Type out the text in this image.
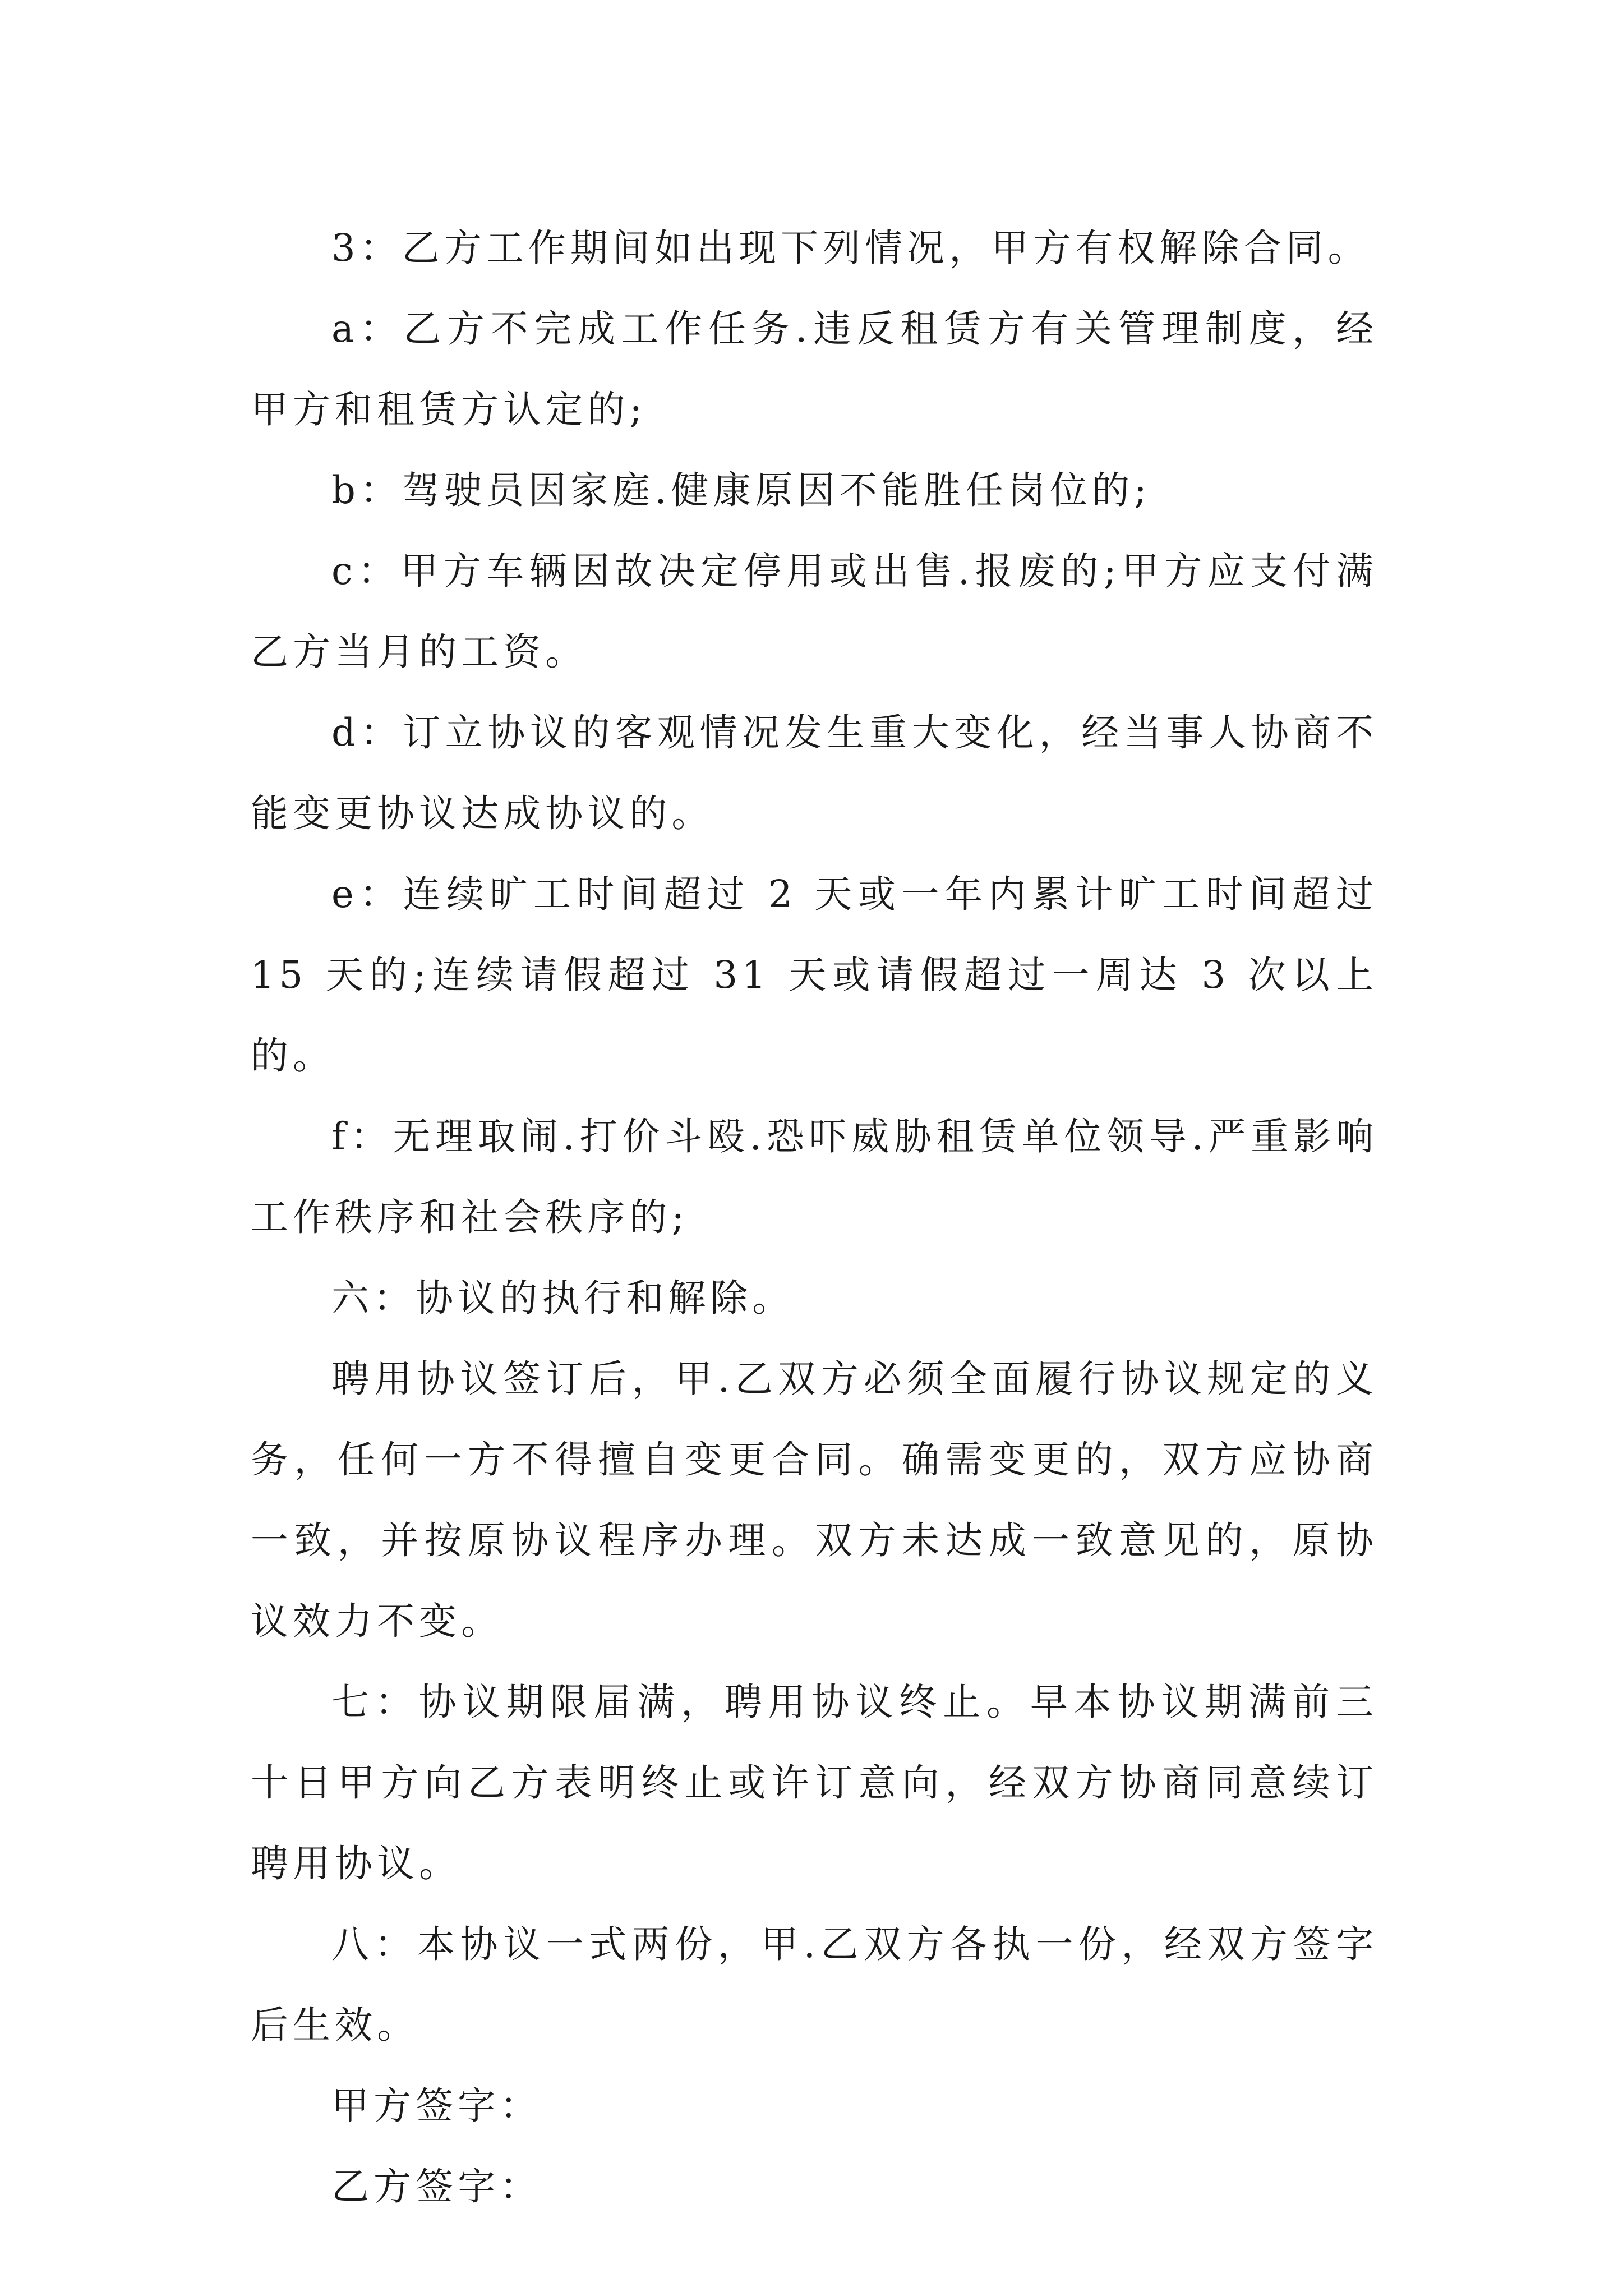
3：乙方工作期间如出现下列情况，甲方有权解除合同。

a：乙方不完成工作任务.违反租赁方有关管理制度，经甲方和租赁方认定的;

b：驾驶员因家庭.健康原因不能胜任岗位的;

c：甲方车辆因故决定停用或出售.报废的;甲方应支付满乙方当月的工资。

d：订立协议的客观情况发生重大变化，经当事人协商不能变更协议达成协议的。

e：连续旷工时间超过 2 天或一年内累计旷工时间超过 15 天的;连续请假超过 31 天或请假超过一周达 3 次以上的。

f：无理取闹.打价斗殴.恐吓威胁租赁单位领导.严重影响工作秩序和社会秩序的;

六：协议的执行和解除。

聘用协议签订后，甲.乙双方必须全面履行协议规定的义务，任何一方不得擅自变更合同。确需变更的，双方应协商一致，并按原协议程序办理。双方未达成一致意见的，原协议效力不变。

七：协议期限届满，聘用协议终止。早本协议期满前三十日甲方向乙方表明终止或许订意向，经双方协商同意续订聘用协议。

八：本协议一式两份，甲.乙双方各执一份，经双方签字后生效。

甲方签字：

乙方签字：
